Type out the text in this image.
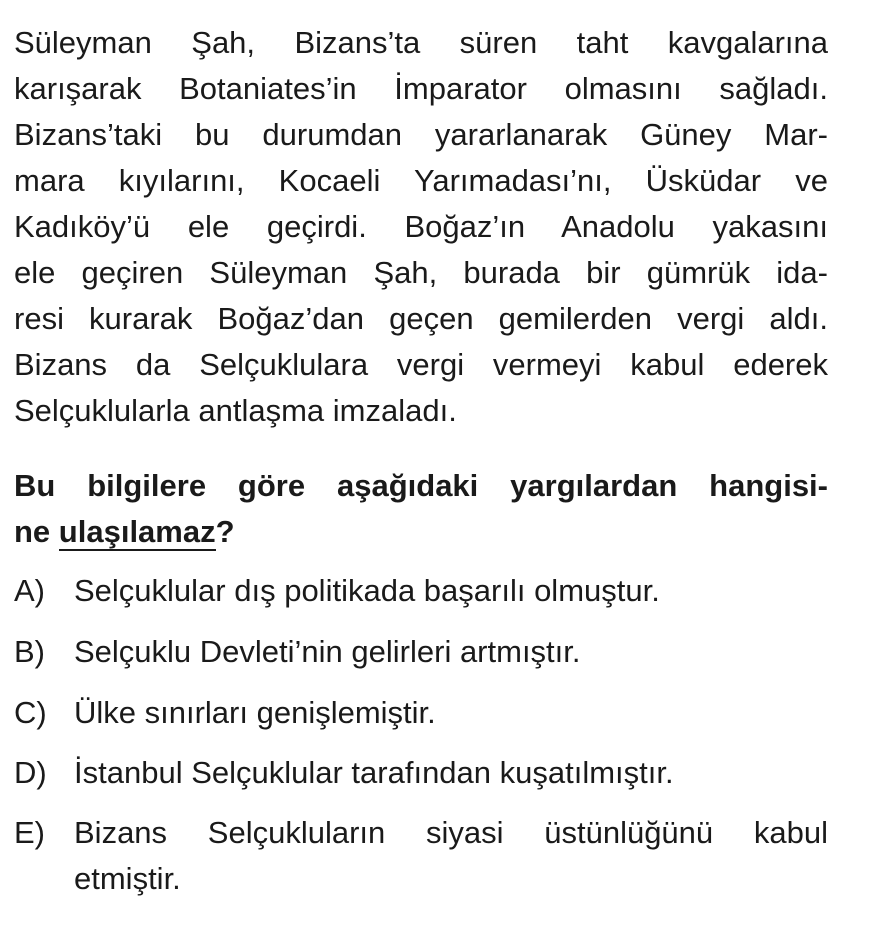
Süleyman Şah, Bizans’ta süren taht kavgalarına
karışarak Botaniates’in İmparator olmasını sağladı.
Bizans’taki bu durumdan yararlanarak Güney Mar-
mara kıyılarını, Kocaeli Yarımadası’nı, Üsküdar ve
Kadıköy’ü ele geçirdi. Boğaz’ın Anadolu yakasını
ele geçiren Süleyman Şah, burada bir gümrük ida-
resi kurarak Boğaz’dan geçen gemilerden vergi aldı.
Bizans da Selçuklulara vergi vermeyi kabul ederek
Selçuklularla antlaşma imzaladı.
Bu bilgilere göre aşağıdaki yargılardan hangisi-
ne ulaşılamaz?
A) Selçuklular dış politikada başarılı olmuştur.
B) Selçuklu Devleti’nin gelirleri artmıştır.
C) Ülke sınırları genişlemiştir.
D) İstanbul Selçuklular tarafından kuşatılmıştır.
E) Bizans Selçukluların siyasi üstünlüğünü kabul
etmiştir.
